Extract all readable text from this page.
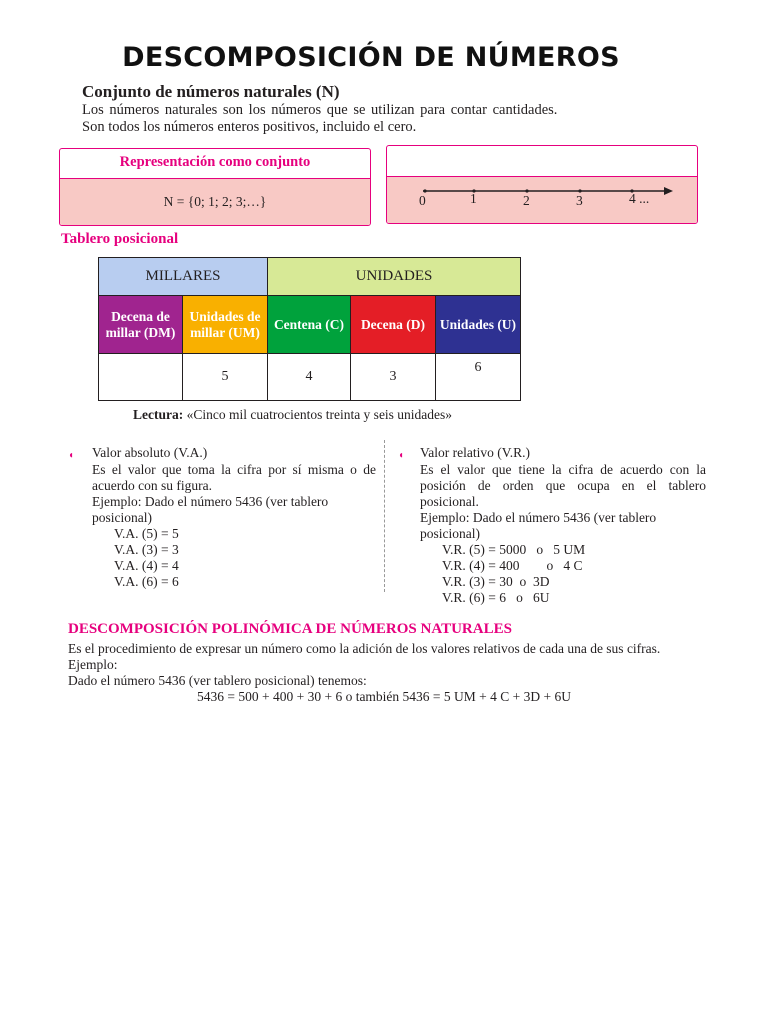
DESCOMPOSICIÓN DE NÚMEROS
Conjunto de números naturales (N)
Los números naturales son los números que se utilizan para contar cantidades.
Son todos los números enteros positivos, incluido el cero.
Representación como conjunto
N = {0; 1; 2; 3;…}	0	1	2	3	4 ...
Tablero posicional
MILLARES		UNIDADES		
Decena de millar (DM)	Unidades de millar (UM)	Centena (C)	Decena (D)	Unidades (U)
	5	4	3	6
Lectura: «Cinco mil cuatrocientos treinta y seis unidades»
◖ Valor absoluto (V.A.)
Es el valor que toma la cifra por sí misma o de acuerdo con su figura.
Ejemplo: Dado el número 5436 (ver tablero posicional)
V.A. (5) = 5
V.A. (3) = 3
V.A. (4) = 4
V.A. (6) = 6
◖ Valor relativo (V.R.)
Es el valor que tiene la cifra de acuerdo con la posición de orden que ocupa en el tablero posicional.
Ejemplo: Dado el número 5436 (ver tablero posicional)
V.R. (5) = 5000   o   5 UM
V.R. (4) = 400        o   4 C
V.R. (3) = 30  o  3D
V.R. (6) = 6   o   6U
DESCOMPOSICIÓN POLINÓMICA DE NÚMEROS NATURALES
Es el procedimiento de expresar un número como la adición de los valores relativos de cada una de sus cifras.
Ejemplo:
Dado el número 5436 (ver tablero posicional) tenemos:
5436 = 500 + 400 + 30 + 6 o también 5436 = 5 UM + 4 C + 3D + 6U
